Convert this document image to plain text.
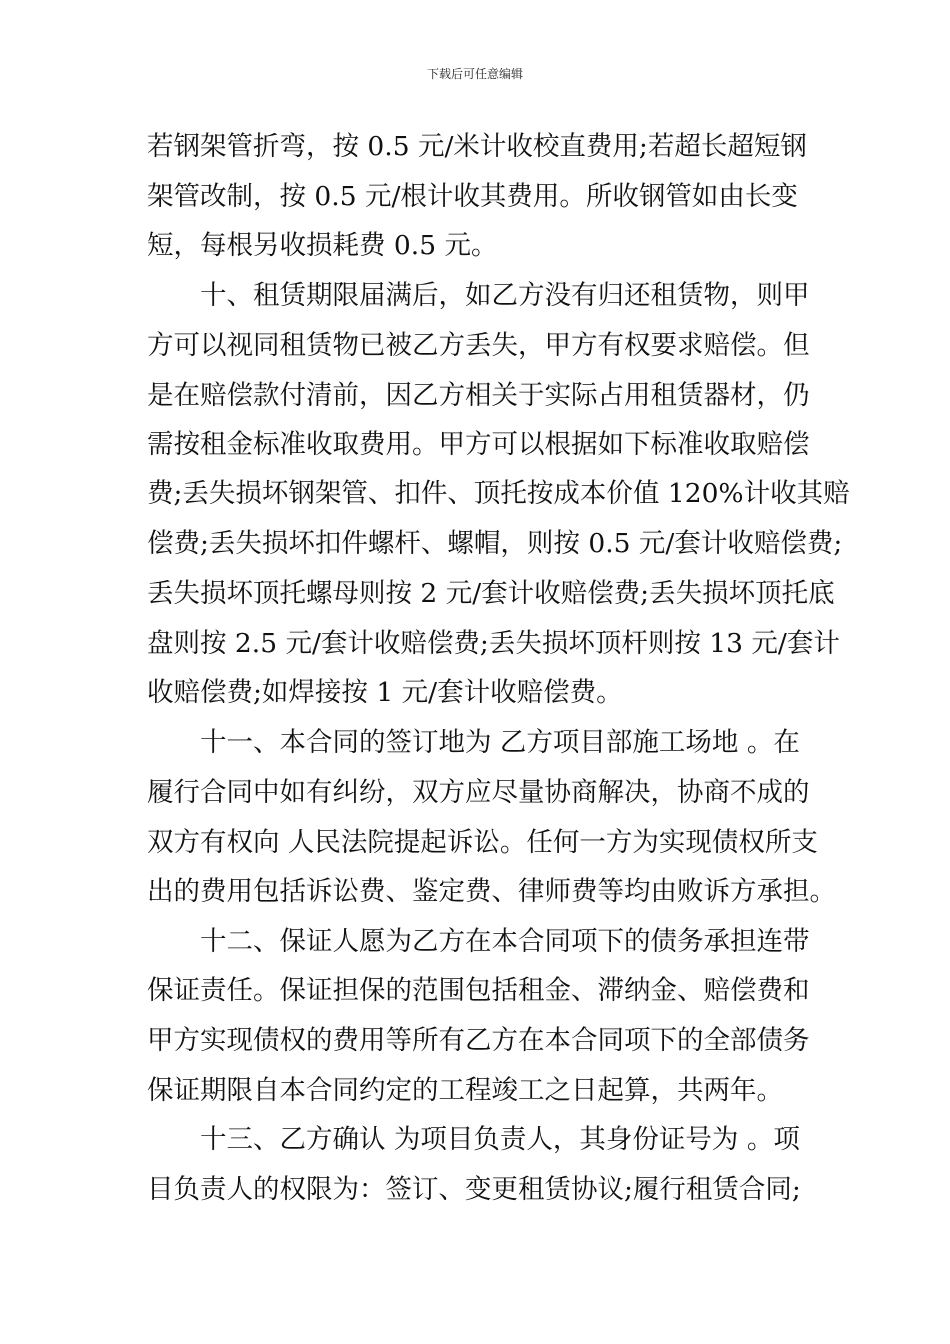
下载后可任意编辑
若钢架管折弯，按 0.5 元/米计收校直费用;若超长超短钢
架管改制，按 0.5 元/根计收其费用。所收钢管如由长变
短，每根另收损耗费 0.5 元。
　　十、租赁期限届满后，如乙方没有归还租赁物，则甲
方可以视同租赁物已被乙方丢失，甲方有权要求赔偿。但
是在赔偿款付清前，因乙方相关于实际占用租赁器材，仍
需按租金标准收取费用。甲方可以根据如下标准收取赔偿
费;丢失损坏钢架管、扣件、顶托按成本价值 120%计收其赔
偿费;丢失损坏扣件螺杆、螺帽，则按 0.5 元/套计收赔偿费;
丢失损坏顶托螺母则按 2 元/套计收赔偿费;丢失损坏顶托底
盘则按 2.5 元/套计收赔偿费;丢失损坏顶杆则按 13 元/套计
收赔偿费;如焊接按 1 元/套计收赔偿费。
　　十一、本合同的签订地为 乙方项目部施工场地 。在
履行合同中如有纠纷，双方应尽量协商解决，协商不成的
双方有权向 人民法院提起诉讼。任何一方为实现债权所支
出的费用包括诉讼费、鉴定费、律师费等均由败诉方承担。
　　十二、保证人愿为乙方在本合同项下的债务承担连带
保证责任。保证担保的范围包括租金、滞纳金、赔偿费和
甲方实现债权的费用等所有乙方在本合同项下的全部债务
保证期限自本合同约定的工程竣工之日起算，共两年。
　　十三、乙方确认 为项目负责人，其身份证号为 。项
目负责人的权限为：签订、变更租赁协议;履行租赁合同;
